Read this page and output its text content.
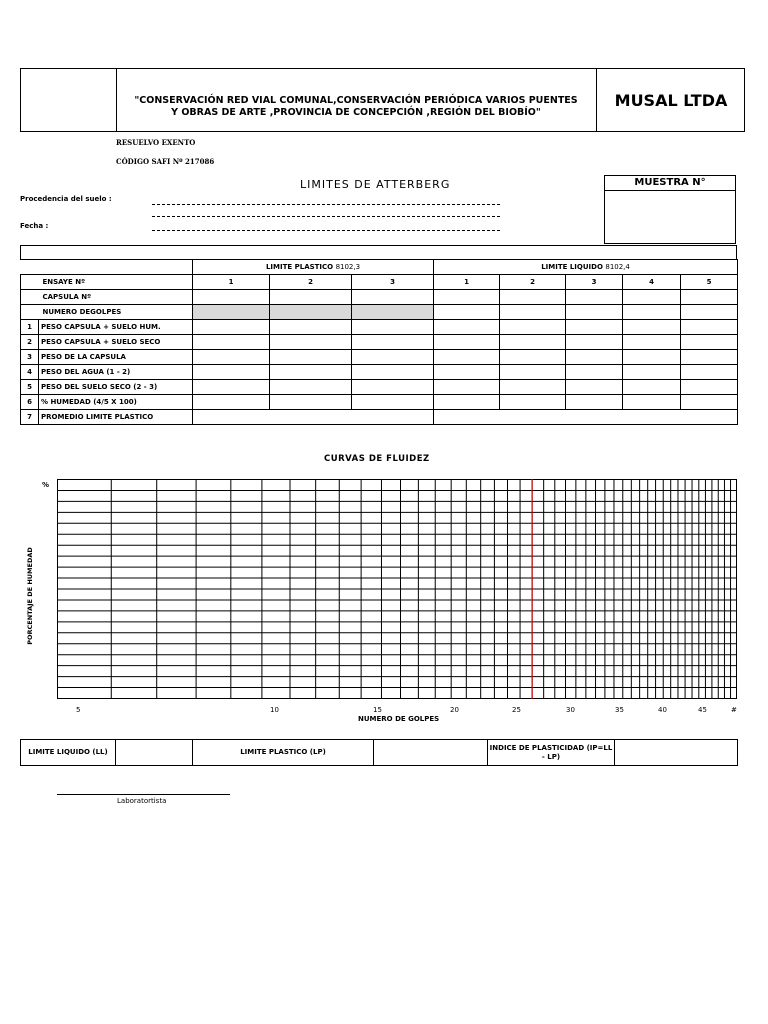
"CONSERVACIÓN RED VIAL COMUNAL,CONSERVACIÓN PERIÓDICA VARIOS PUENTES
Y OBRAS DE ARTE ,PROVINCIA DE CONCEPCIÓN ,REGIÓN DEL BIOBÍO"
MUSAL LTDA
RESUELVO EXENTO
CÓDIGO SAFI Nº 217086
LIMITES DE ATTERBERG	MUESTRA N°
Procedencia del suelo :
Fecha :
		LIMITE PLASTICO 8102,3			LIMITE LIQUIDO 8102,4				
	ENSAYE Nº	1	2	3	1	2	3	4	5
	CAPSULA Nº								
	NUMERO DEGOLPES								
1	PESO CAPSULA + SUELO HUM.								
2	PESO CAPSULA + SUELO SECO								
3	PESO DE LA CAPSULA								
4	PESO DEL AGUA (1 - 2)								
5	PESO DEL SUELO SECO (2 - 3)								
6	% HUMEDAD (4/5 X 100)								
7	PROMEDIO LIMITE PLASTICO								
CURVAS DE FLUIDEZ
%
PORCENTAJE DE HUMEDAD
5	10	15	20	25	30	35	40	45	#
NUMERO DE GOLPES
LIMITE LIQUIDO (LL)		LIMITE PLASTICO (LP)		INDICE DE PLASTICIDAD (IP=LL - LP)	
Laboratortista
